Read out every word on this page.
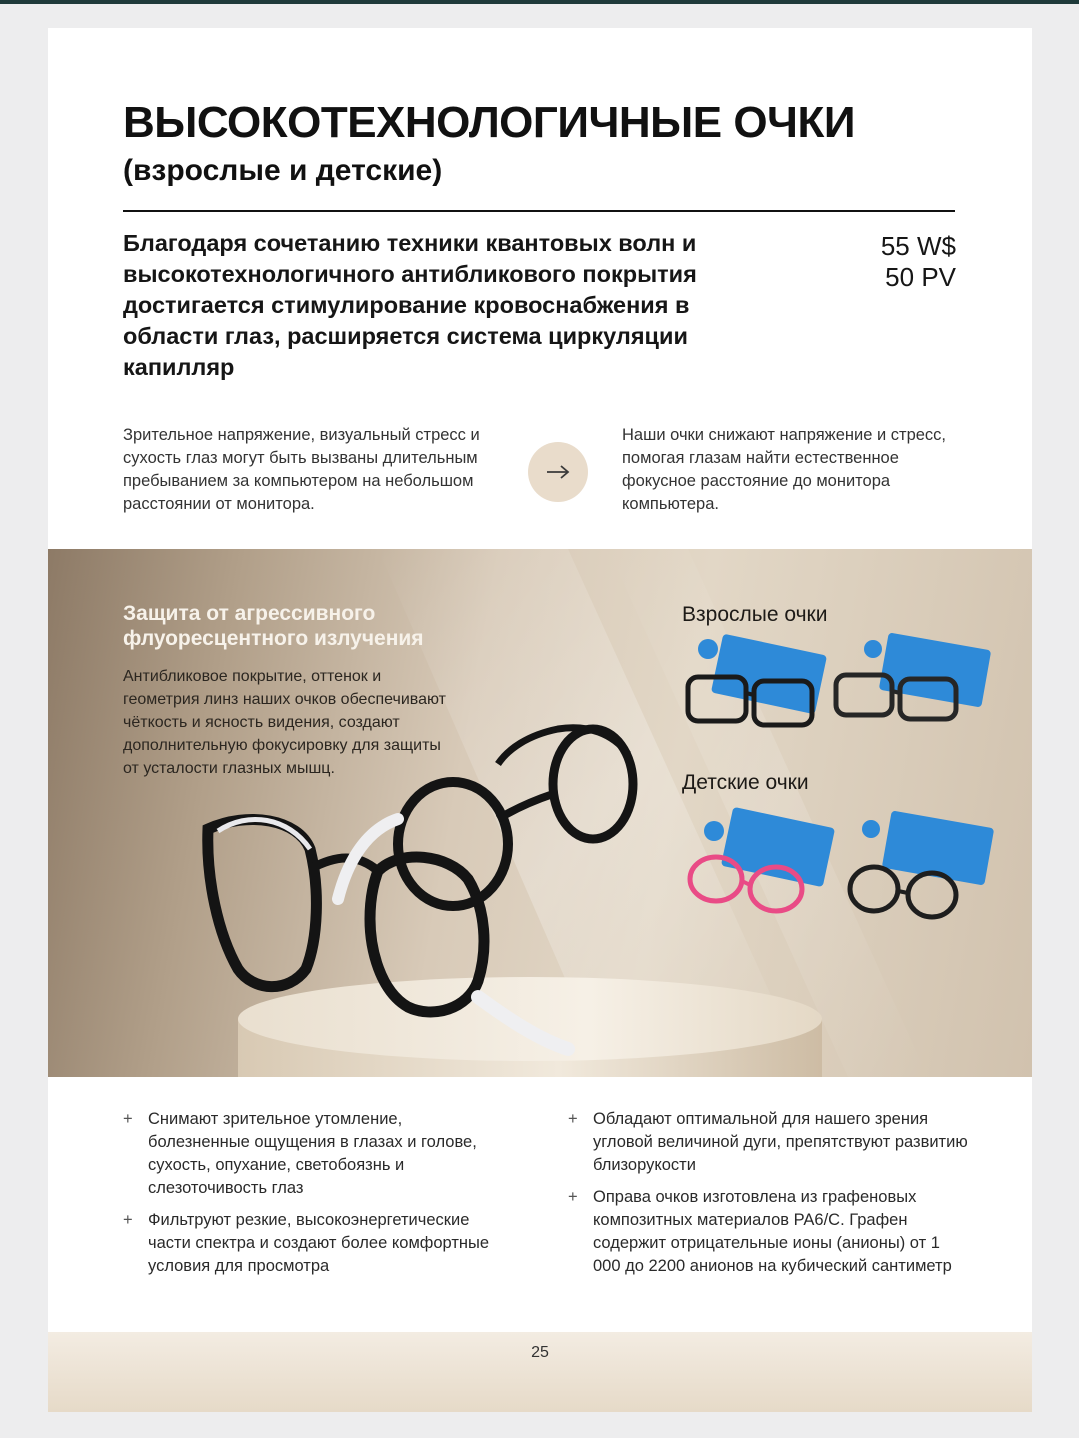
ВЫСОКОТЕХНОЛОГИЧНЫЕ ОЧКИ
(взрослые и детские)

Благодаря сочетанию техники квантовых волн и высокотехнологичного антибликового покрытия достигается стимулирование кровоснабжения в области глаз, расширяется система циркуляции капилляр

55 W$
50 PV

Зрительное напряжение, визуальный стресс и сухость глаз могут быть вызваны длительным пребыванием за компьютером на небольшом расстоянии от монитора.

Наши очки снижают напряжение и стресс, помогая глазам найти естественное фокусное расстояние до монитора компьютера.

Защита от агрессивного
флуоресцентного излучения

Антибликовое покрытие, оттенок и геометрия линз наших очков обеспечивают чёткость и ясность видения, создают дополнительную фокусировку для защиты от усталости глазных мышц.

Взрослые очки

Детские очки

+ Снимают зрительное утомление, болезненные ощущения в глазах и голове, сухость, опухание, светобоязнь и слезоточивость глаз
+ Фильтруют резкие, высокоэнергетические части спектра и создают более комфортные условия для просмотра
+ Обладают оптимальной для нашего зрения угловой величиной дуги, препятствуют развитию близорукости
+ Оправа очков изготовлена из графеновых композитных материалов PA6/C. Графен содержит отрицательные ионы (анионы) от 1 000 до 2200 анионов на кубический сантиметр
25
